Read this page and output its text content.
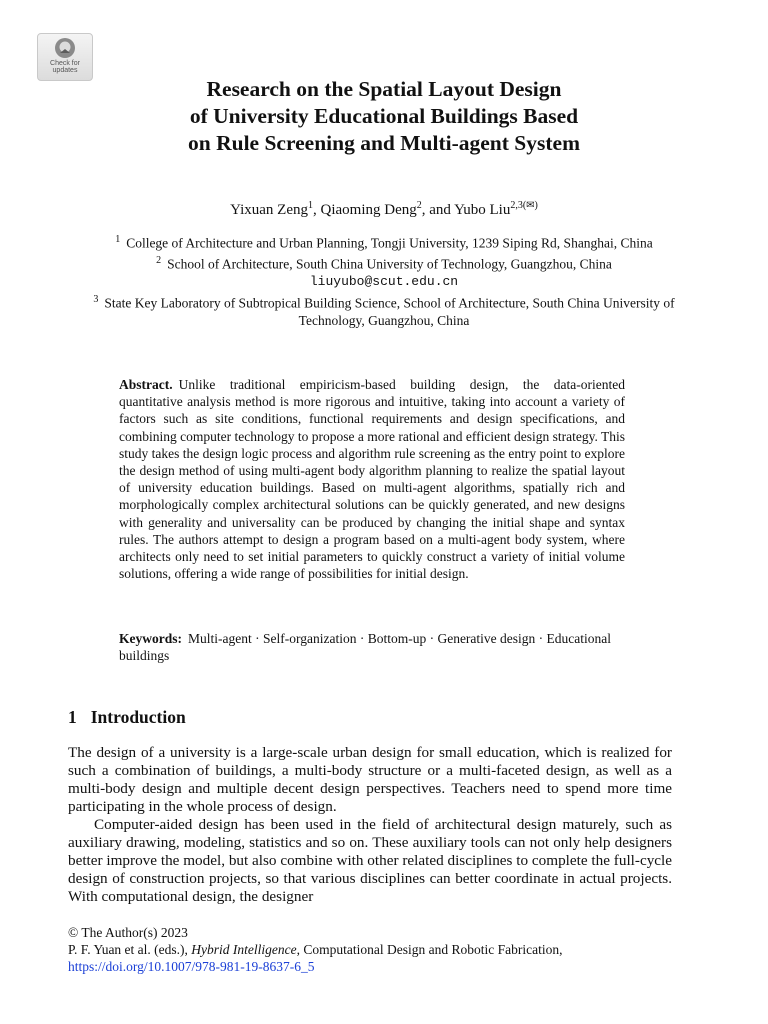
Check for
updates
Research on the Spatial Layout Design
of University Educational Buildings Based
on Rule Screening and Multi-agent System
Yixuan Zeng$^1$, Qiaoming Deng$^2$, and Yubo Liu$^{2,3(✉)}$

$^1$ College of Architecture and Urban Planning, Tongji University, 1239 Siping Rd, Shanghai, China

$^2$ School of Architecture, South China University of Technology, Guangzhou, China
liuyubo@scut.edu.cn

$^3$ State Key Laboratory of Subtropical Building Science, School of Architecture, South China University of Technology, Guangzhou, China

Abstract. Unlike traditional empiricism-based building design, the data-oriented quantitative analysis method is more rigorous and intuitive, taking into account a variety of factors such as site conditions, functional requirements and design specifications, and combining computer technology to propose a more rational and efficient design strategy. This study takes the design logic process and algorithm rule screening as the entry point to explore the design method of using multi-agent body algorithm planning to realize the spatial layout of university education buildings. Based on multi-agent algorithms, spatially rich and morphologically complex architectural solutions can be quickly generated, and new designs with generality and universality can be produced by changing the initial shape and syntax rules. The authors attempt to design a program based on a multi-agent body system, where architects only need to set initial parameters to quickly construct a variety of initial volume solutions, offering a wide range of possibilities for initial design.

Keywords: Multi-agent · Self-organization · Bottom-up · Generative design · Educational buildings

1 Introduction

The design of a university is a large-scale urban design for small education, which is realized for such a combination of buildings, a multi-body structure or a multi-faceted design, as well as a multi-body design and multiple decent design perspectives. Teachers need to spend more time participating in the whole process of design.

Computer-aided design has been used in the field of architectural design maturely, such as auxiliary drawing, modeling, statistics and so on. These auxiliary tools can not only help designers better improve the model, but also combine with other related disciplines to complete the full-cycle design of construction projects, so that various disciplines can better coordinate in actual projects. With computational design, the designer

© The Author(s) 2023
P. F. Yuan et al. (eds.), Hybrid Intelligence, Computational Design and Robotic Fabrication,
https://doi.org/10.1007/978-981-19-8637-6_5
